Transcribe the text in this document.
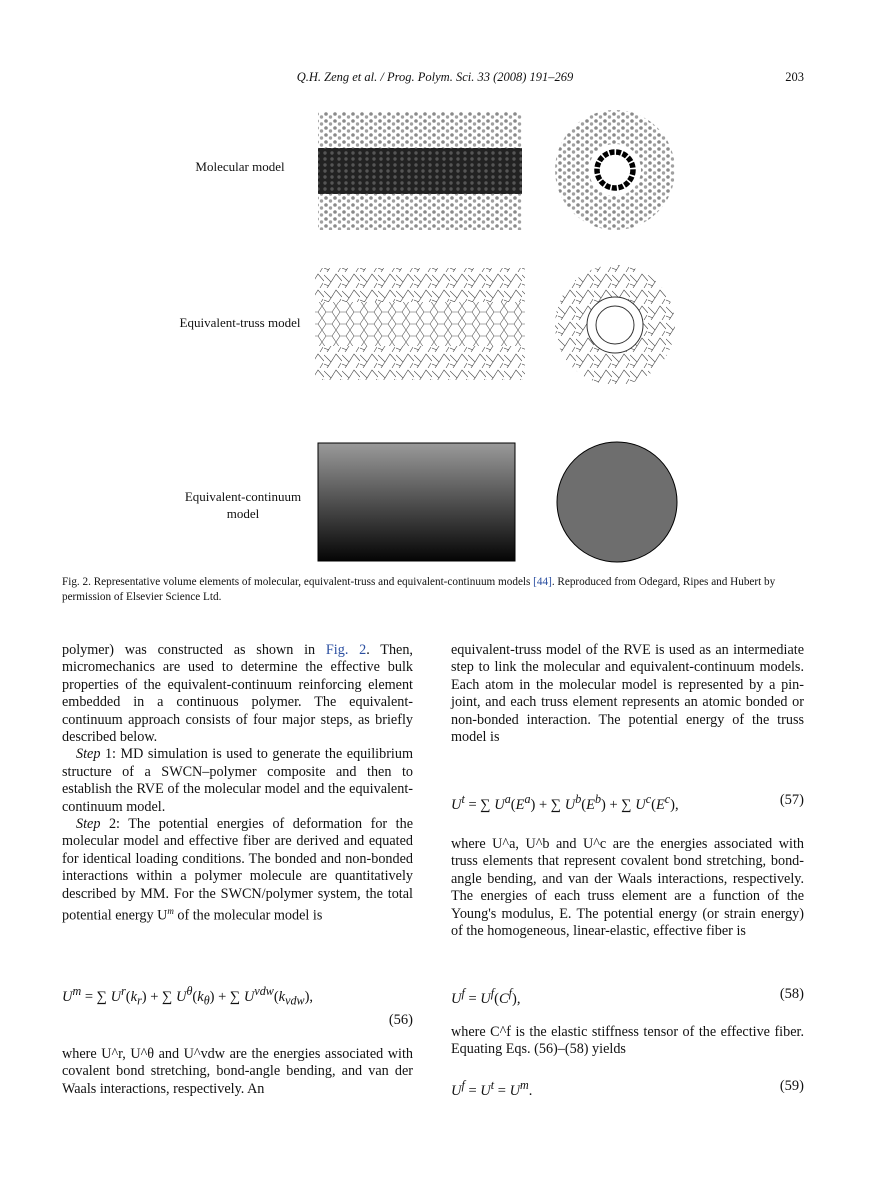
Q.H. Zeng et al. / Prog. Polym. Sci. 33 (2008) 191–269	203
Molecular model
Equivalent-truss model
Equivalent-continuum model
Fig. 2. Representative volume elements of molecular, equivalent-truss and equivalent-continuum models [44]. Reproduced from Odegard, Ripes and Hubert by permission of Elsevier Science Ltd.

polymer) was constructed as shown in Fig. 2. Then, micromechanics are used to determine the effective bulk properties of the equivalent-continuum reinforcing element embedded in a continuous polymer. The equivalent-continuum approach consists of four major steps, as briefly described below.

Step 1: MD simulation is used to generate the equilibrium structure of a SWCN–polymer composite and then to establish the RVE of the molecular model and the equivalent-continuum model.

Step 2: The potential energies of deformation for the molecular model and effective fiber are derived and equated for identical loading conditions. The bonded and non-bonded interactions within a polymer molecule are quantitatively described by MM. For the SWCN/polymer system, the total potential energy $U^m$ of the molecular model is

$U^m$ = ∑ $U^r(k_r)$ + ∑ $U^\theta(k_\theta)$ + ∑ $U^{vdw}(k_{vdw})$,
(56)
where U^r, U^θ and U^vdw are the energies associated with covalent bond stretching, bond-angle bending, and van der Waals interactions, respectively. An
equivalent-truss model of the RVE is used as an intermediate step to link the molecular and equivalent-continuum models. Each atom in the molecular model is represented by a pin-joint, and each truss element represents an atomic bonded or non-bonded interaction. The potential energy of the truss model is
$U^t$ = ∑ $U^a(E^a)$ + ∑ $U^b(E^b)$ + ∑ $U^c(E^c)$,	(57)
where U^a, U^b and U^c are the energies associated with truss elements that represent covalent bond stretching, bond-angle bending, and van der Waals interactions, respectively. The energies of each truss element are a function of the Young's modulus, E. The potential energy (or strain energy) of the homogeneous, linear-elastic, effective fiber is
$U^f = U^f(C^f)$,	(58)
where C^f is the elastic stiffness tensor of the effective fiber. Equating Eqs. (56)–(58) yields
$U^f = U^t = U^m$.	(59)
